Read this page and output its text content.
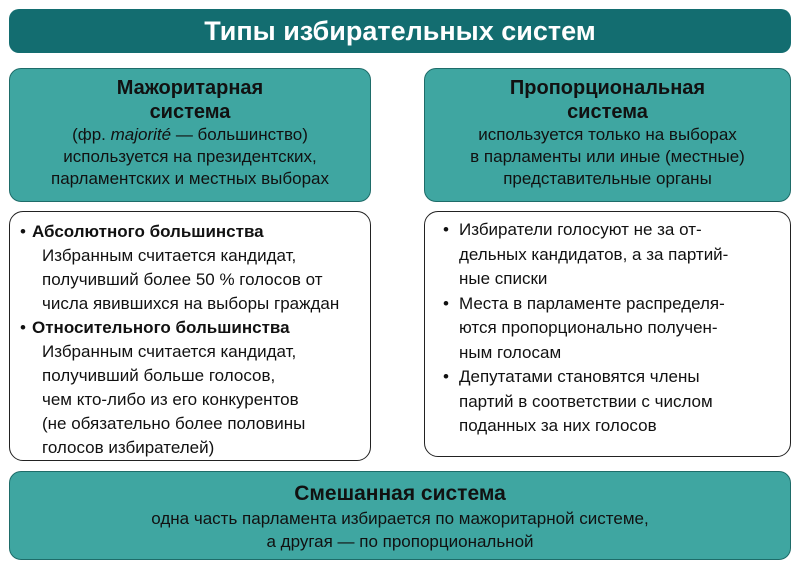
Типы избирательных систем
Мажоритарная
система
(фр. majorité — большинство)
используется на президентских,
парламентских и местных выборах
Пропорциональная
система
используется только на выборах
в парламенты или иные (местные)
представительные органы
• Абсолютного большинства
Избранным считается кандидат,
получивший более 50 % голосов от
числа явившихся на выборы граждан
• Относительного большинства
Избранным считается кандидат,
получивший больше голосов,
чем кто-либо из его конкурентов
(не обязательно более половины
голосов избирателей)
• Избиратели голосуют не за от-
дельных кандидатов, а за партий-
ные списки
• Места в парламенте распределя-
ются пропорционально получен-
ным голосам
• Депутатами становятся члены
партий в соответствии с числом
поданных за них голосов
Смешанная система
одна часть парламента избирается по мажоритарной системе,
а другая — по пропорциональной
